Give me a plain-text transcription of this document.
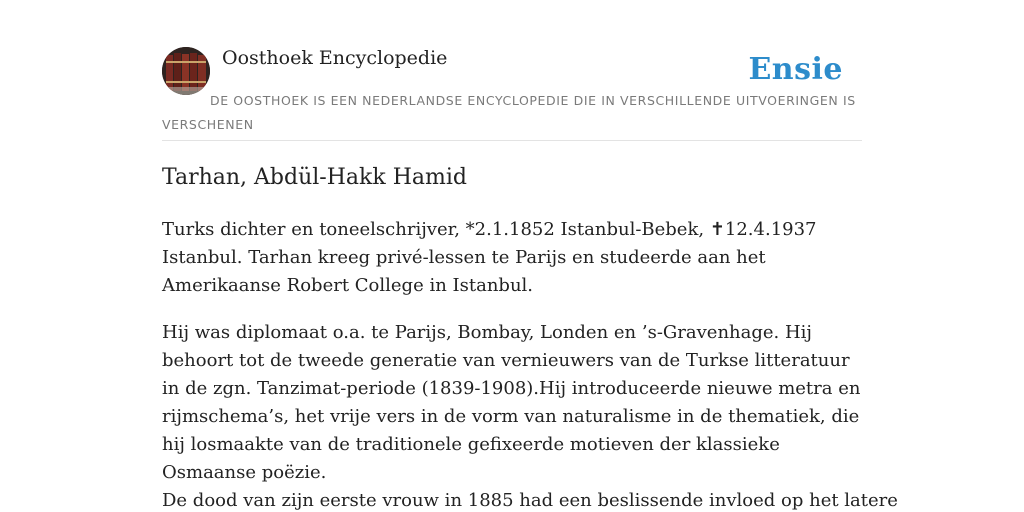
Oosthoek Encyclopedie	Ensie
DE OOSTHOEK IS EEN NEDERLANDSE ENCYCLOPEDIE DIE IN VERSCHILLENDE UITVOERINGEN IS VERSCHENEN
Tarhan, Abdül-Hakk Hamid

Turks dichter en toneelschrijver, *2.1.1852 Istanbul-Bebek, ✝12.4.1937 Istanbul. Tarhan kreeg privé-lessen te Parijs en studeerde aan het Amerikaanse Robert College in Istanbul.

Hij was diplomaat o.a. te Parijs, Bombay, Londen en ’s-Gravenhage. Hij behoort tot de tweede generatie van vernieuwers van de Turkse litteratuur in de zgn. Tanzimat-periode (1839-1908).Hij introduceerde nieuwe metra en rijmschema’s, het vrije vers in de vorm van naturalisme in de thematiek, die hij losmaakte van de traditionele gefixeerde motieven der klassieke Osmaanse poëzie.

De dood van zijn eerste vrouw in 1885 had een beslissende invloed op het latere
